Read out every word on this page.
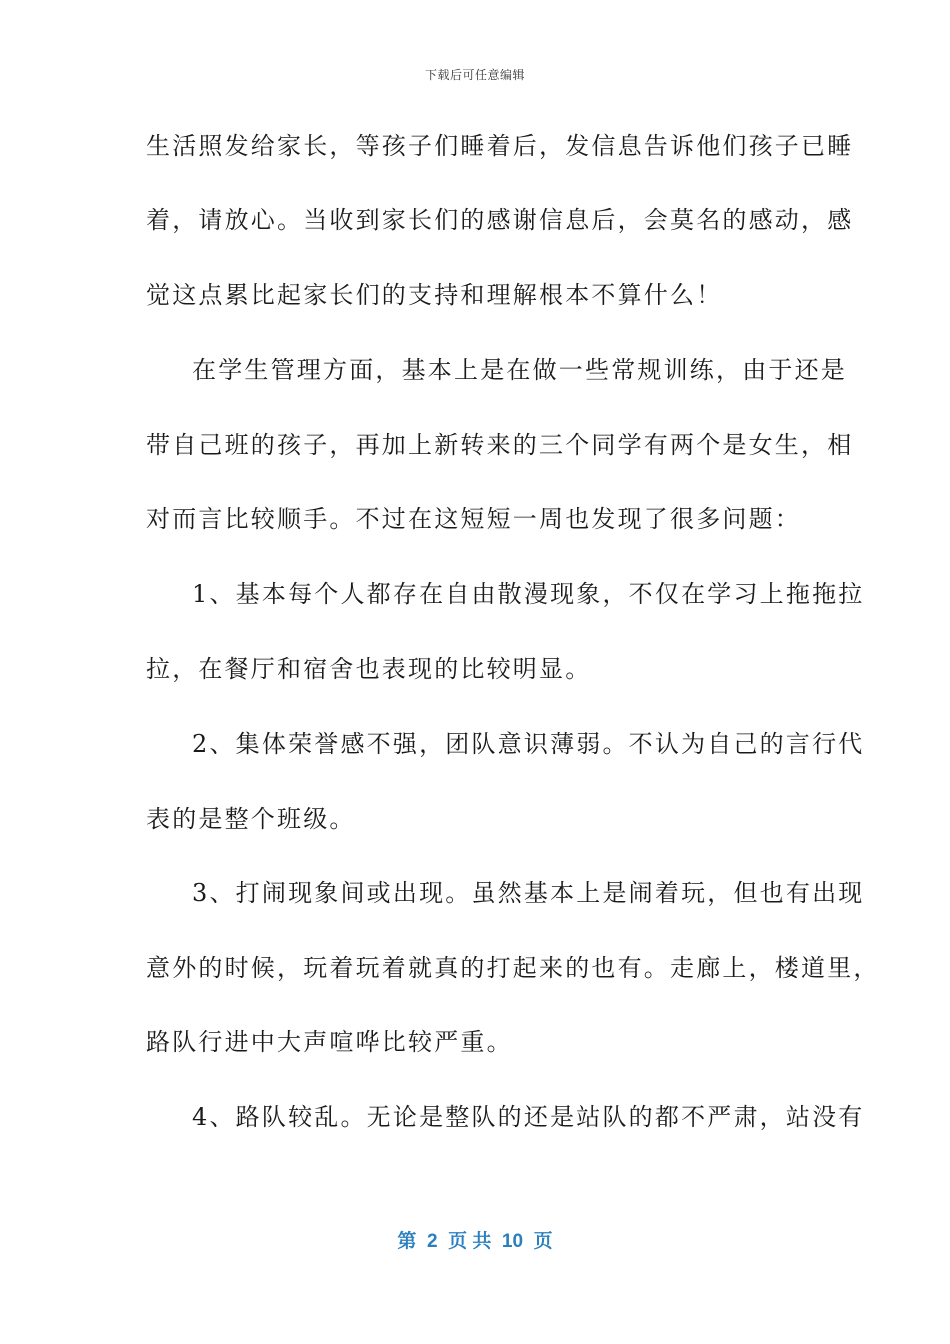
下载后可任意编辑
生活照发给家长，等孩子们睡着后，发信息告诉他们孩子已睡
着，请放心。当收到家长们的感谢信息后，会莫名的感动，感
觉这点累比起家长们的支持和理解根本不算什么！
在学生管理方面，基本上是在做一些常规训练，由于还是
带自己班的孩子，再加上新转来的三个同学有两个是女生，相
对而言比较顺手。不过在这短短一周也发现了很多问题：
1、基本每个人都存在自由散漫现象，不仅在学习上拖拖拉
拉，在餐厅和宿舍也表现的比较明显。
2、集体荣誉感不强，团队意识薄弱。不认为自己的言行代
表的是整个班级。
3、打闹现象间或出现。虽然基本上是闹着玩，但也有出现
意外的时候，玩着玩着就真的打起来的也有。走廊上，楼道里，
路队行进中大声喧哗比较严重。
4、路队较乱。无论是整队的还是站队的都不严肃，站没有
第  2  页 共  10  页
